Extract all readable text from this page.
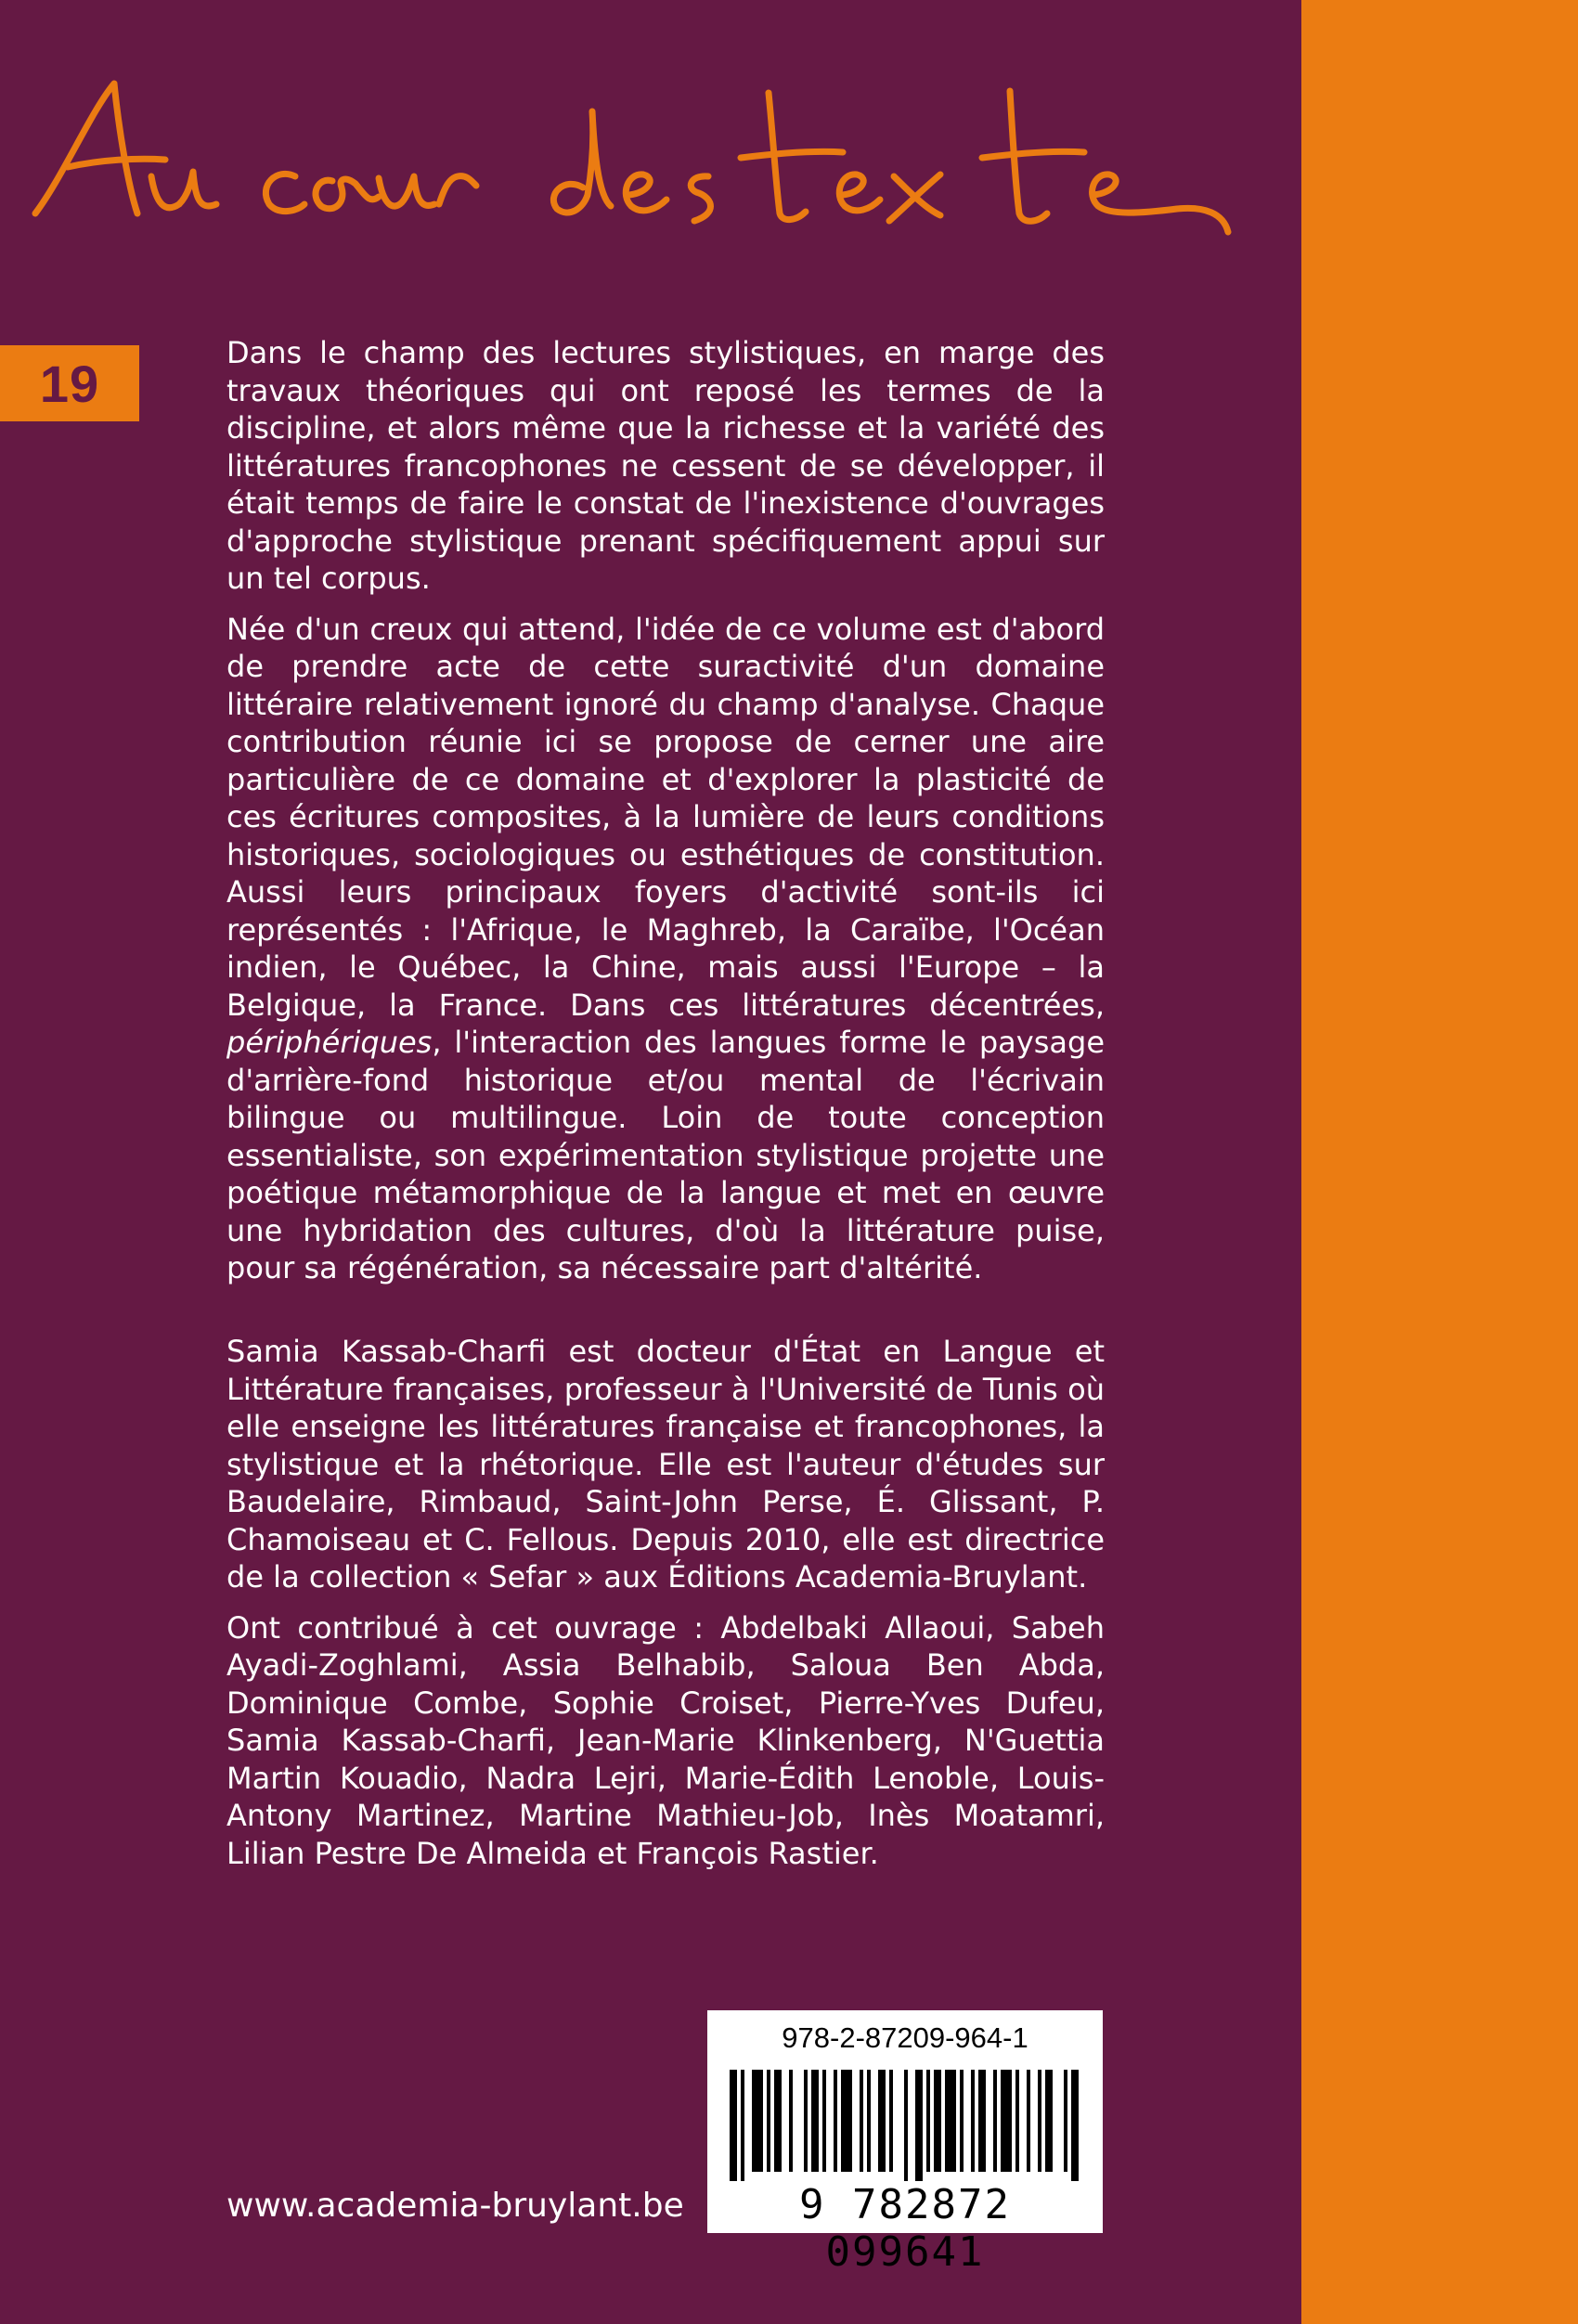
19

Dans le champ des lectures stylistiques, en marge des travaux théoriques qui ont reposé les termes de la discipline, et alors même que la richesse et la variété des littératures francophones ne cessent de se développer, il était temps de faire le constat de l'inexistence d'ouvrages d'approche stylistique prenant spécifiquement appui sur un tel corpus.

Née d'un creux qui attend, l'idée de ce volume est d'abord de prendre acte de cette suractivité d'un domaine littéraire relativement ignoré du champ d'analyse. Chaque contribution réunie ici se propose de cerner une aire particulière de ce domaine et d'explorer la plasticité de ces écritures composites, à la lumière de leurs conditions historiques, sociologiques ou esthétiques de constitution. Aussi leurs principaux foyers d'activité sont-ils ici représentés : l'Afrique, le Maghreb, la Caraïbe, l'Océan indien, le Québec, la Chine, mais aussi l'Europe – la Belgique, la France. Dans ces littératures décentrées, périphériques, l'interaction des langues forme le paysage d'arrière-fond historique et/ou mental de l'écrivain bilingue ou multilingue. Loin de toute conception essentialiste, son expérimentation stylistique projette une poétique métamorphique de la langue et met en œuvre une hybridation des cultures, d'où la littérature puise, pour sa régénération, sa nécessaire part d'altérité.

Samia Kassab-Charfi est docteur d'État en Langue et Littérature françaises, professeur à l'Université de Tunis où elle enseigne les littératures française et francophones, la stylistique et la rhétorique. Elle est l'auteur d'études sur Baudelaire, Rimbaud, Saint-John Perse, É. Glissant, P. Chamoiseau et C. Fellous. Depuis 2010, elle est directrice de la collection « Sefar » aux Éditions Academia-Bruylant.

Ont contribué à cet ouvrage : Abdelbaki Allaoui, Sabeh Ayadi-Zoghlami, Assia Belhabib, Saloua Ben Abda, Dominique Combe, Sophie Croiset, Pierre-Yves Dufeu, Samia Kassab-Charfi, Jean-Marie Klinkenberg, N'Guettia Martin Kouadio, Nadra Lejri, Marie-Édith Lenoble, Louis-Antony Martinez, Martine Mathieu-Job, Inès Moatamri, Lilian Pestre De Almeida et François Rastier.

978-2-87209-964-1
9 782872 099641
www.academia-bruylant.be
